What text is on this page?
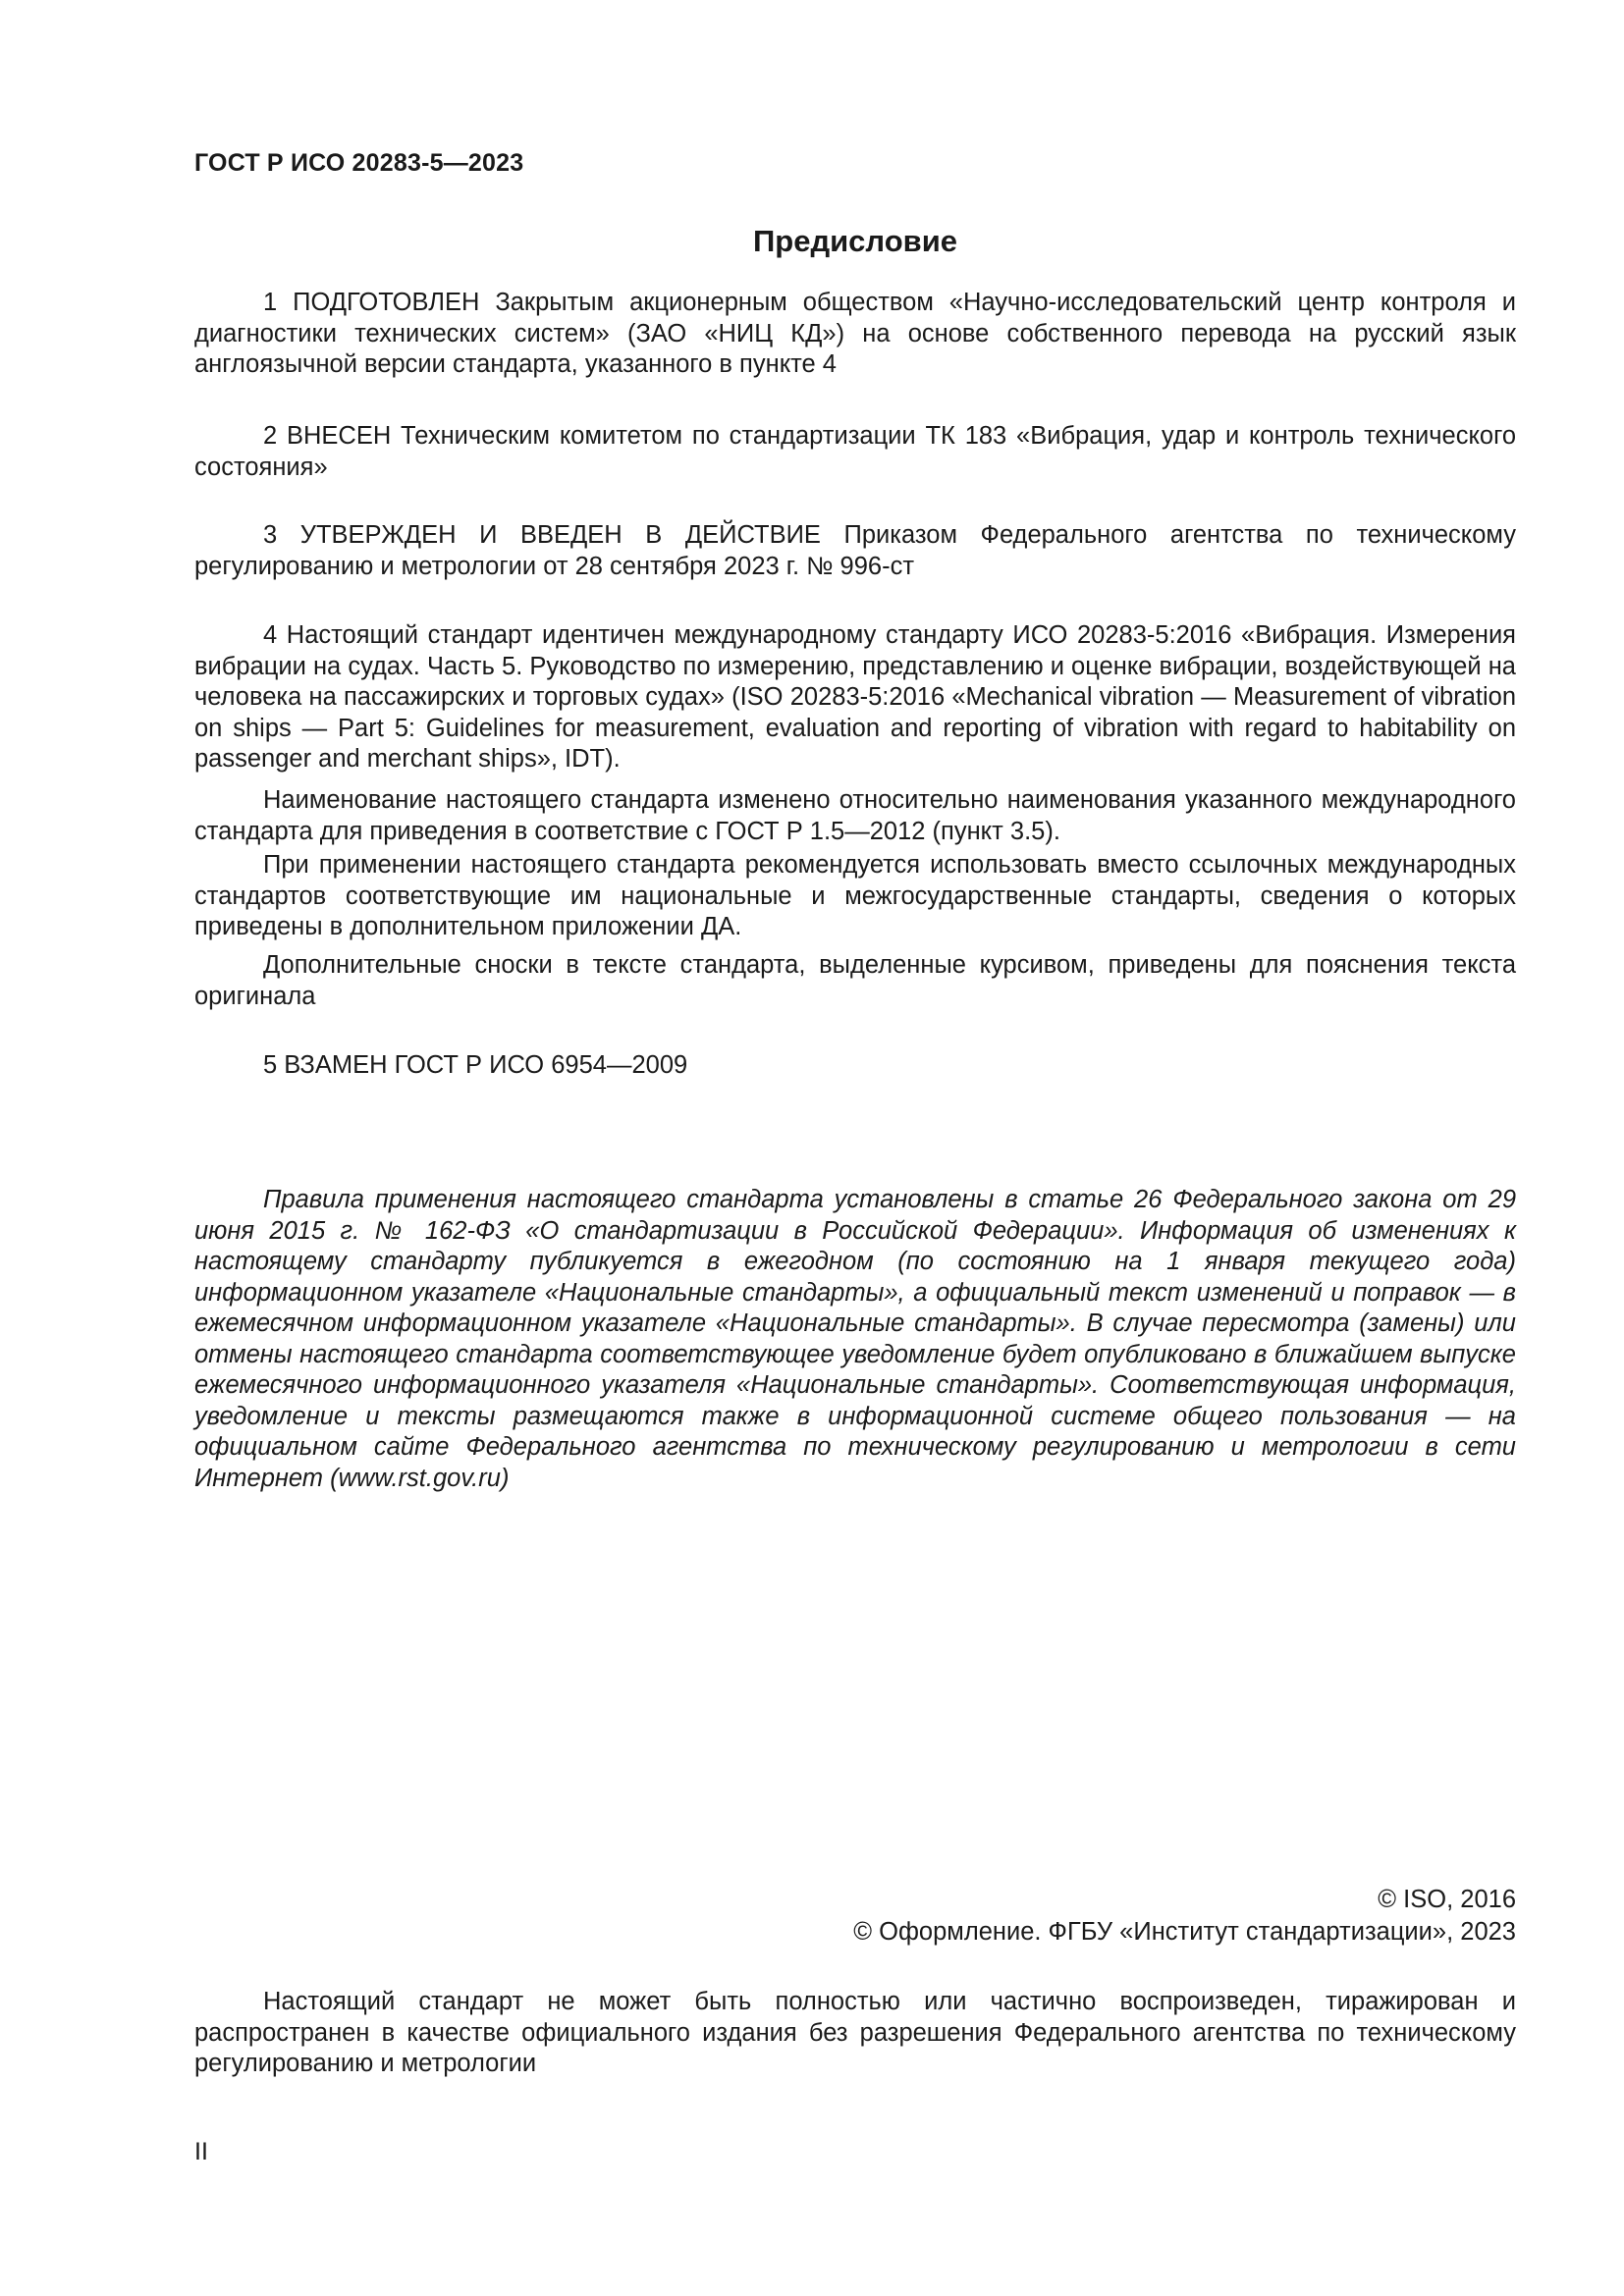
ГОСТ Р ИСО 20283-5—2023
Предисловие

1 ПОДГОТОВЛЕН Закрытым акционерным обществом «Научно-исследовательский центр контроля и диагностики технических систем» (ЗАО «НИЦ КД») на основе собственного перевода на русский язык англоязычной версии стандарта, указанного в пункте 4

2 ВНЕСЕН Техническим комитетом по стандартизации ТК 183 «Вибрация, удар и контроль технического состояния»

3 УТВЕРЖДЕН И ВВЕДЕН В ДЕЙСТВИЕ Приказом Федерального агентства по техническому регулированию и метрологии от 28 сентября 2023 г. № 996-ст

4 Настоящий стандарт идентичен международному стандарту ИСО 20283-5:2016 «Вибрация. Измерения вибрации на судах. Часть 5. Руководство по измерению, представлению и оценке вибрации, воздействующей на человека на пассажирских и торговых судах» (ISO 20283-5:2016 «Mechanical vibration — Measurement of vibration on ships — Part 5: Guidelines for measurement, evaluation and reporting of vibration with regard to habitability on passenger and merchant ships», IDT).

Наименование настоящего стандарта изменено относительно наименования указанного международного стандарта для приведения в соответствие с ГОСТ Р 1.5—2012 (пункт 3.5).

При применении настоящего стандарта рекомендуется использовать вместо ссылочных международных стандартов соответствующие им национальные и межгосударственные стандарты, сведения о которых приведены в дополнительном приложении ДА.

Дополнительные сноски в тексте стандарта, выделенные курсивом, приведены для пояснения текста оригинала

5 ВЗАМЕН ГОСТ Р ИСО 6954—2009

Правила применения настоящего стандарта установлены в статье 26 Федерального закона от 29 июня 2015 г. № 162-ФЗ «О стандартизации в Российской Федерации». Информация об изменениях к настоящему стандарту публикуется в ежегодном (по состоянию на 1 января текущего года) информационном указателе «Национальные стандарты», а официальный текст изменений и поправок — в ежемесячном информационном указателе «Национальные стандарты». В случае пересмотра (замены) или отмены настоящего стандарта соответствующее уведомление будет опубликовано в ближайшем выпуске ежемесячного информационного указателя «Национальные стандарты». Соответствующая информация, уведомление и тексты размещаются также в информационной системе общего пользования — на официальном сайте Федерального агентства по техническому регулированию и метрологии в сети Интернет (www.rst.gov.ru)

© ISO, 2016
© Оформление. ФГБУ «Институт стандартизации», 2023

Настоящий стандарт не может быть полностью или частично воспроизведен, тиражирован и распространен в качестве официального издания без разрешения Федерального агентства по техническому регулированию и метрологии

II
